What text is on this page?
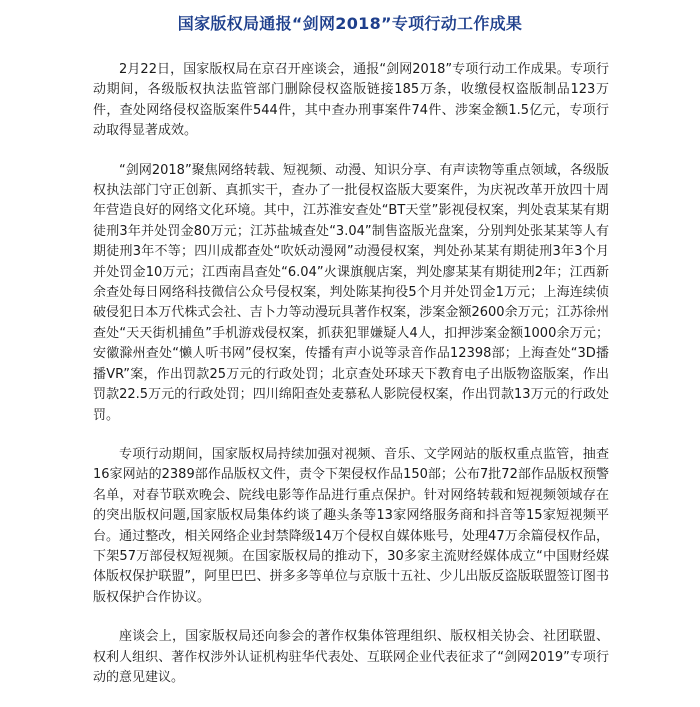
国家版权局通报“剑网2018”专项行动工作成果

2月22日，国家版权局在京召开座谈会，通报“剑网2018”专项行动工作成果。专项行动期间，各级版权执法监管部门删除侵权盗版链接185万条，收缴侵权盗版制品123万件，查处网络侵权盗版案件544件，其中查办刑事案件74件、涉案金额1.5亿元，专项行动取得显著成效。

“剑网2018”聚焦网络转载、短视频、动漫、知识分享、有声读物等重点领域，各级版权执法部门守正创新、真抓实干，查办了一批侵权盗版大要案件，为庆祝改革开放四十周年营造良好的网络文化环境。其中，江苏淮安查处“BT天堂”影视侵权案，判处袁某某有期徒刑3年并处罚金80万元；江苏盐城查处“3.04”制售盗版光盘案，分别判处张某某等人有期徒刑3年不等；四川成都查处“吹妖动漫网”动漫侵权案，判处孙某某有期徒刑3年3个月并处罚金10万元；江西南昌查处“6.04”火课旗舰店案，判处廖某某有期徒刑2年；江西新余查处每日网络科技微信公众号侵权案，判处陈某拘役5个月并处罚金1万元；上海连续侦破侵犯日本万代株式会社、吉卜力等动漫玩具著作权案，涉案金额2600余万元；江苏徐州查处“天天街机捕鱼”手机游戏侵权案，抓获犯罪嫌疑人4人，扣押涉案金额1000余万元；安徽滁州查处“懒人听书网”侵权案，传播有声小说等录音作品12398部；上海查处“3D播播VR”案，作出罚款25万元的行政处罚；北京查处环球天下教育电子出版物盗版案，作出罚款22.5万元的行政处罚；四川绵阳查处麦慕私人影院侵权案，作出罚款13万元的行政处罚。

专项行动期间，国家版权局持续加强对视频、音乐、文学网站的版权重点监管，抽查16家网站的2389部作品版权文件，责令下架侵权作品150部；公布7批72部作品版权预警名单，对春节联欢晚会、院线电影等作品进行重点保护。针对网络转载和短视频领域存在的突出版权问题,国家版权局集体约谈了趣头条等13家网络服务商和抖音等15家短视频平台。通过整改，相关网络企业封禁降级14万个侵权自媒体账号，处理47万余篇侵权作品，下架57万部侵权短视频。在国家版权局的推动下，30多家主流财经媒体成立“中国财经媒体版权保护联盟”，阿里巴巴、拼多多等单位与京版十五社、少儿出版反盗版联盟签订图书版权保护合作协议。

座谈会上，国家版权局还向参会的著作权集体管理组织、版权相关协会、社团联盟、权利人组织、著作权涉外认证机构驻华代表处、互联网企业代表征求了“剑网2019”专项行动的意见建议。
